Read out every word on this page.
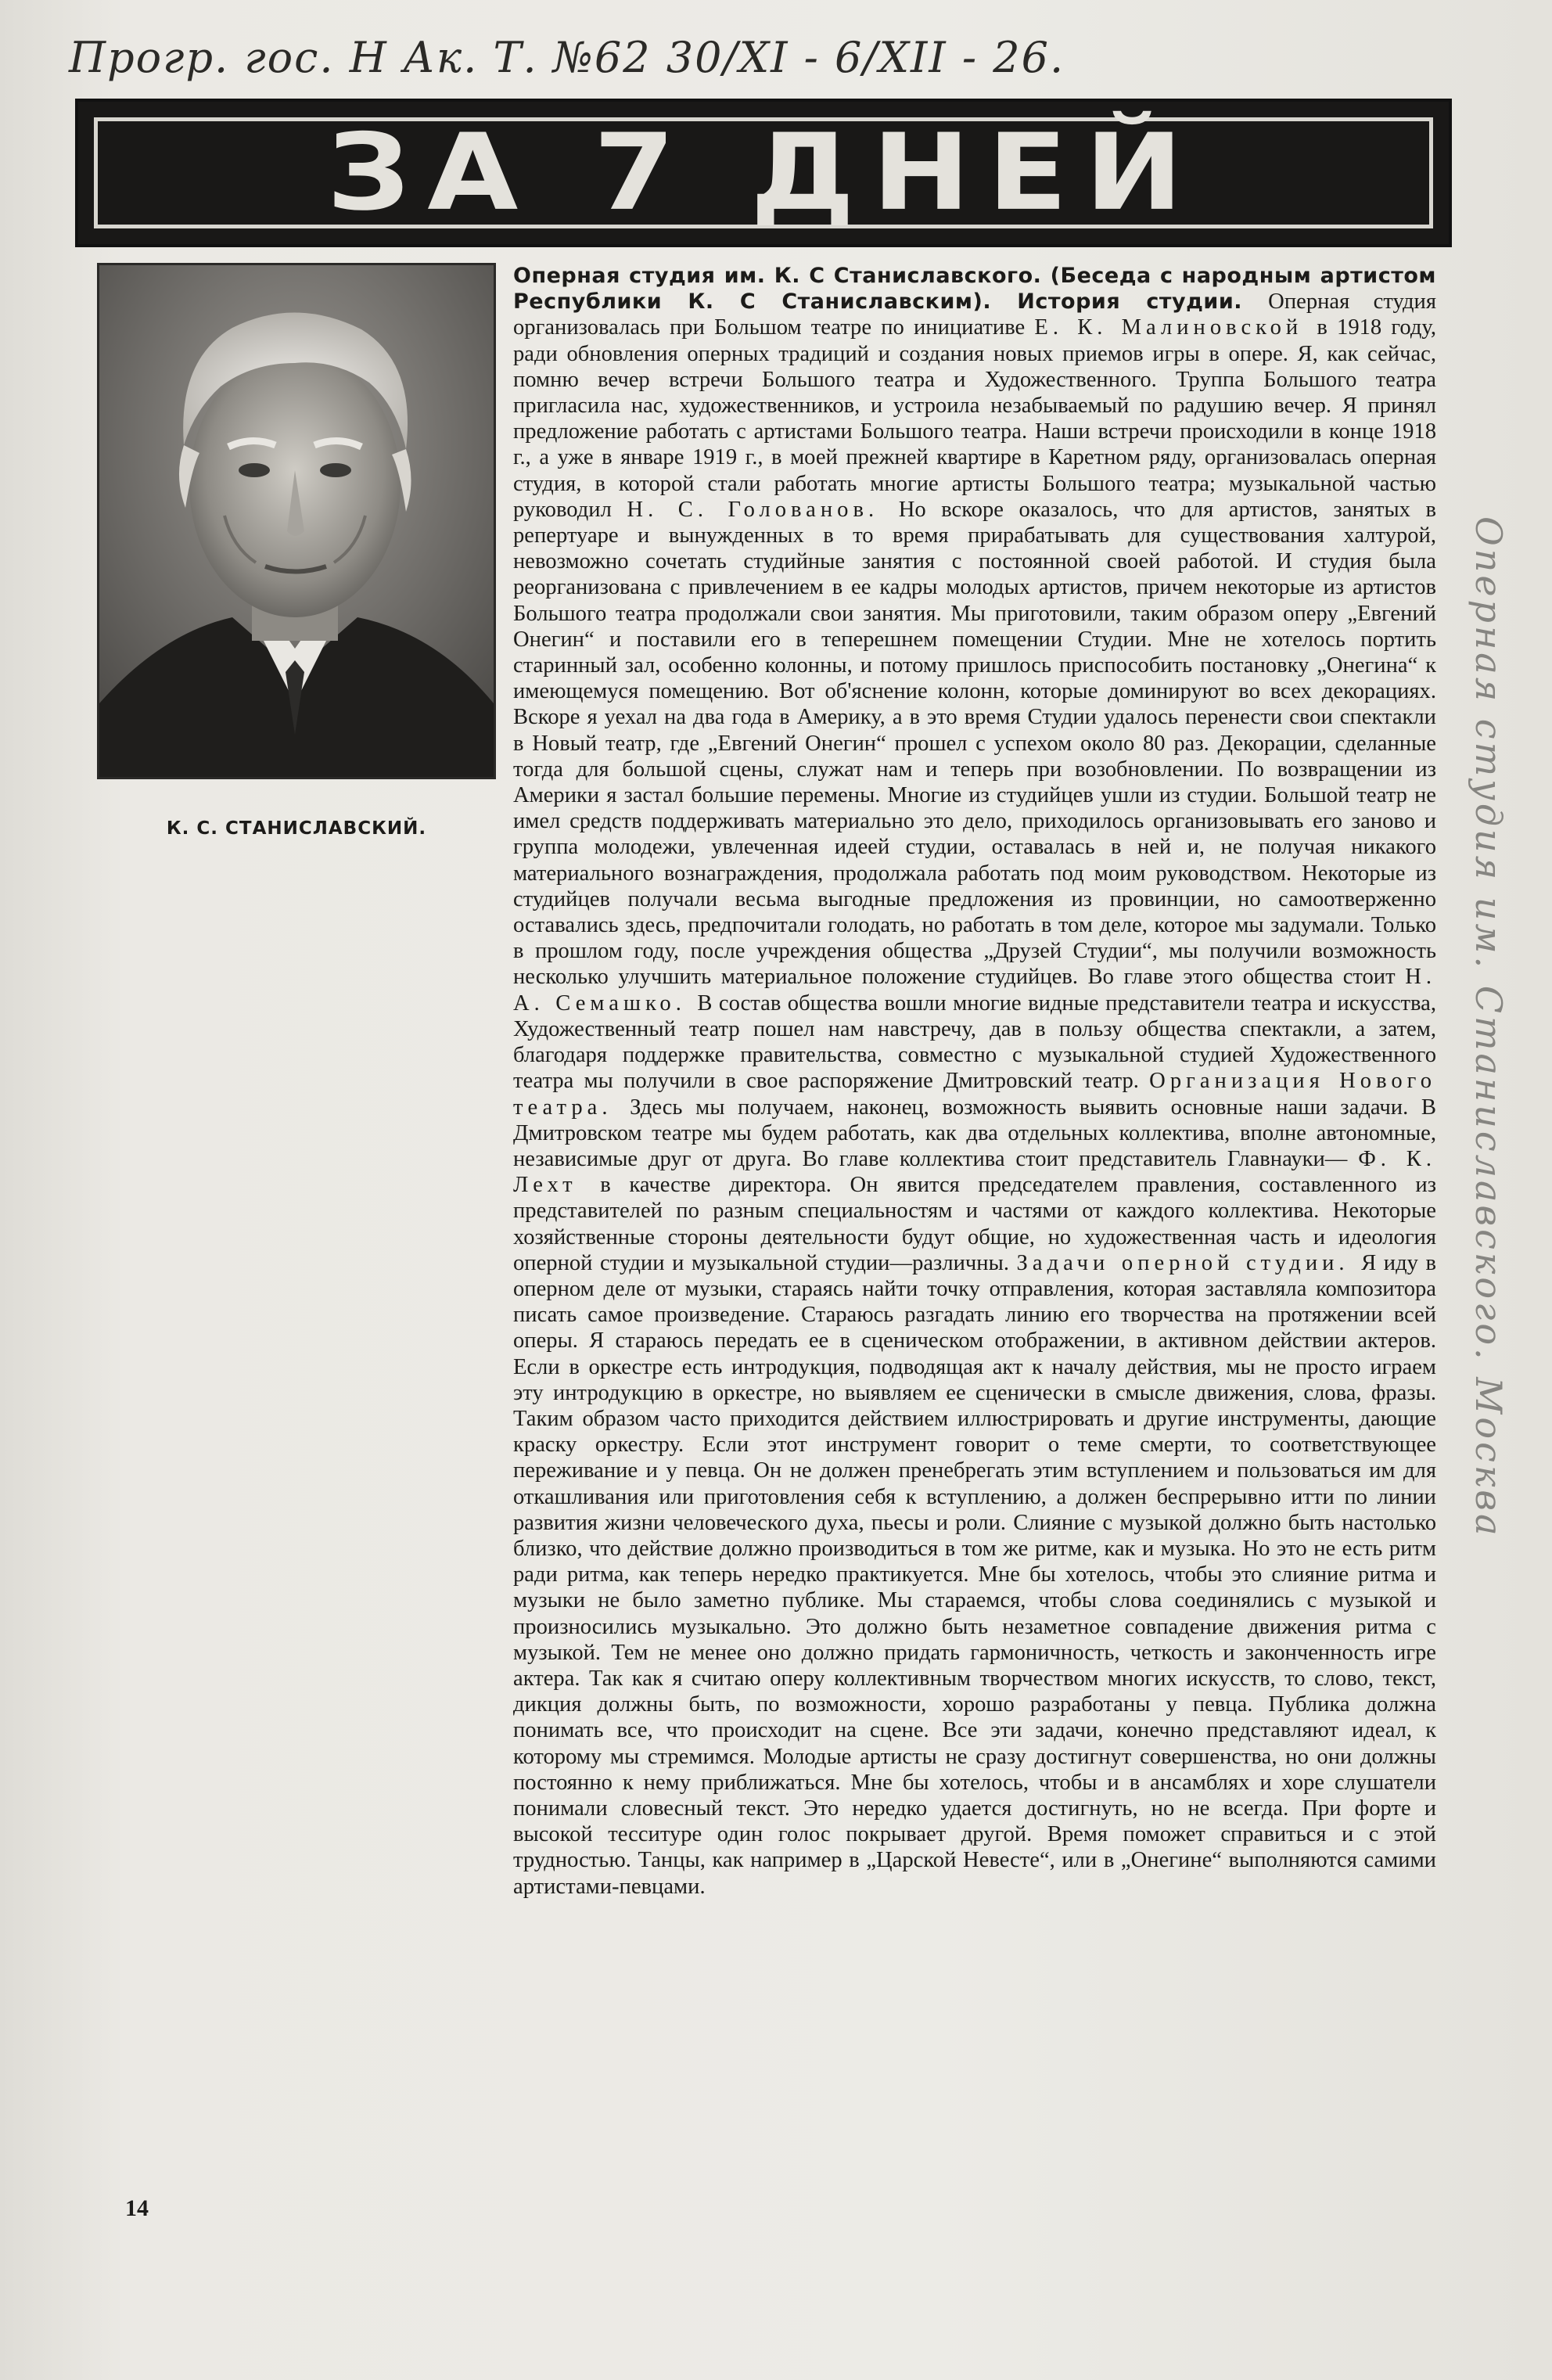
Прогр. гос. Н Ак. Т. №62 30/XI - 6/XII - 26.
ЗА 7 ДНЕЙ
К. С. СТАНИСЛАВСКИЙ.
Оперная студия им. К. С Станиславского. (Беседа с народным артистом Республики К. С Станиславским). История студии. Оперная студия организовалась при Большом театре по инициативе Е. К. Малиновской в 1918 году, ради обновления оперных традиций и создания новых приемов игры в опере. Я, как сейчас, помню вечер встречи Большого театра и Художественного. Труппа Большого театра пригласила нас, художественников, и устроила незабываемый по радушию вечер. Я принял предложение работать с артистами Большого театра. Наши встречи происходили в конце 1918 г., а уже в январе 1919 г., в моей прежней квартире в Каретном ряду, организовалась оперная студия, в которой стали работать многие артисты Большого театра; музыкальной частью руководил Н. С. Голованов. Но вскоре оказалось, что для артистов, занятых в репертуаре и вынужденных в то время прирабатывать для существования халтурой, невозможно сочетать студийные занятия с постоянной своей работой. И студия была реорганизована с привлечением в ее кадры молодых артистов, причем некоторые из артистов Большого театра продолжали свои занятия. Мы приготовили, таким образом оперу „Евгений Онегин“ и поставили его в теперешнем помещении Студии. Мне не хотелось портить старинный зал, особенно колонны, и потому пришлось приспособить постановку „Онегина“ к имеющемуся помещению. Вот об'яснение колонн, которые доминируют во всех декорациях. Вскоре я уехал на два года в Америку, а в это время Студии удалось перенести свои спектакли в Новый театр, где „Евгений Онегин“ прошел с успехом около 80 раз. Декорации, сделанные тогда для большой сцены, служат нам и теперь при возобновлении. По возвращении из Америки я застал большие перемены. Многие из студийцев ушли из студии. Большой театр не имел средств поддерживать материально это дело, приходилось организовывать его заново и группа молодежи, увлеченная идеей студии, оставалась в ней и, не получая никакого материального вознаграждения, продолжала работать под моим руководством. Некоторые из студийцев получали весьма выгодные предложения из провинции, но самоотверженно оставались здесь, предпочитали голодать, но работать в том деле, которое мы задумали. Только в прошлом году, после учреждения общества „Друзей Студии“, мы получили возможность несколько улучшить материальное положение студийцев. Во главе этого общества стоит Н. А. Семашко. В состав общества вошли многие видные представители театра и искусства, Художественный театр пошел нам навстречу, дав в пользу общества спектакли, а затем, благодаря поддержке правительства, совместно с музыкальной студией Художественного театра мы получили в свое распоряжение Дмитровский театр. Организация Нового театра. Здесь мы получаем, наконец, возможность выявить основные наши задачи. В Дмитровском театре мы будем работать, как два отдельных коллектива, вполне автономные, независимые друг от друга. Во главе коллектива стоит представитель Главнауки— Ф. К. Лехт в качестве директора. Он явится председателем правления, составленного из представителей по разным специальностям и частями от каждого коллектива. Некоторые хозяйственные стороны деятельности будут общие, но художественная часть и идеология оперной студии и музыкальной студии—различны. Задачи оперной студии. Я иду в оперном деле от музыки, стараясь найти точку отправления, которая заставляла композитора писать самое произведение. Стараюсь разгадать линию его творчества на протяжении всей оперы. Я стараюсь передать ее в сценическом отображении, в активном действии актеров. Если в оркестре есть интродукция, подводящая акт к началу действия, мы не просто играем эту интродукцию в оркестре, но выявляем ее сценически в смысле движения, слова, фразы. Таким образом часто приходится действием иллюстрировать и другие инструменты, дающие краску оркестру. Если этот инструмент говорит о теме смерти, то соответствующее переживание и у певца. Он не должен пренебрегать этим вступлением и пользоваться им для откашливания или приготовления себя к вступлению, а должен беспрерывно итти по линии развития жизни человеческого духа, пьесы и роли. Слияние с музыкой должно быть настолько близко, что действие должно производиться в том же ритме, как и музыка. Но это не есть ритм ради ритма, как теперь нередко практикуется. Мне бы хотелось, чтобы это слияние ритма и музыки не было заметно публике. Мы стараемся, чтобы слова соединялись с музыкой и произносились музыкально. Это должно быть незаметное совпадение движения ритма с музыкой. Тем не менее оно должно придать гармоничность, четкость и законченность игре актера. Так как я считаю оперу коллективным творчеством многих искусств, то слово, текст, дикция должны быть, по возможности, хорошо разработаны у певца. Публика должна понимать все, что происходит на сцене. Все эти задачи, конечно представляют идеал, к которому мы стремимся. Молодые артисты не сразу достигнут совершенства, но они должны постоянно к нему приближаться. Мне бы хотелось, чтобы и в ансамблях и хоре слушатели понимали словесный текст. Это нередко удается достигнуть, но не всегда. При форте и высокой тесситуре один голос покрывает другой. Время поможет справиться и с этой трудностью. Танцы, как например в „Царской Невесте“, или в „Онегине“ выполняются самими артистами-певцами.
Оперная студия им. Станиславского. Москва
14
